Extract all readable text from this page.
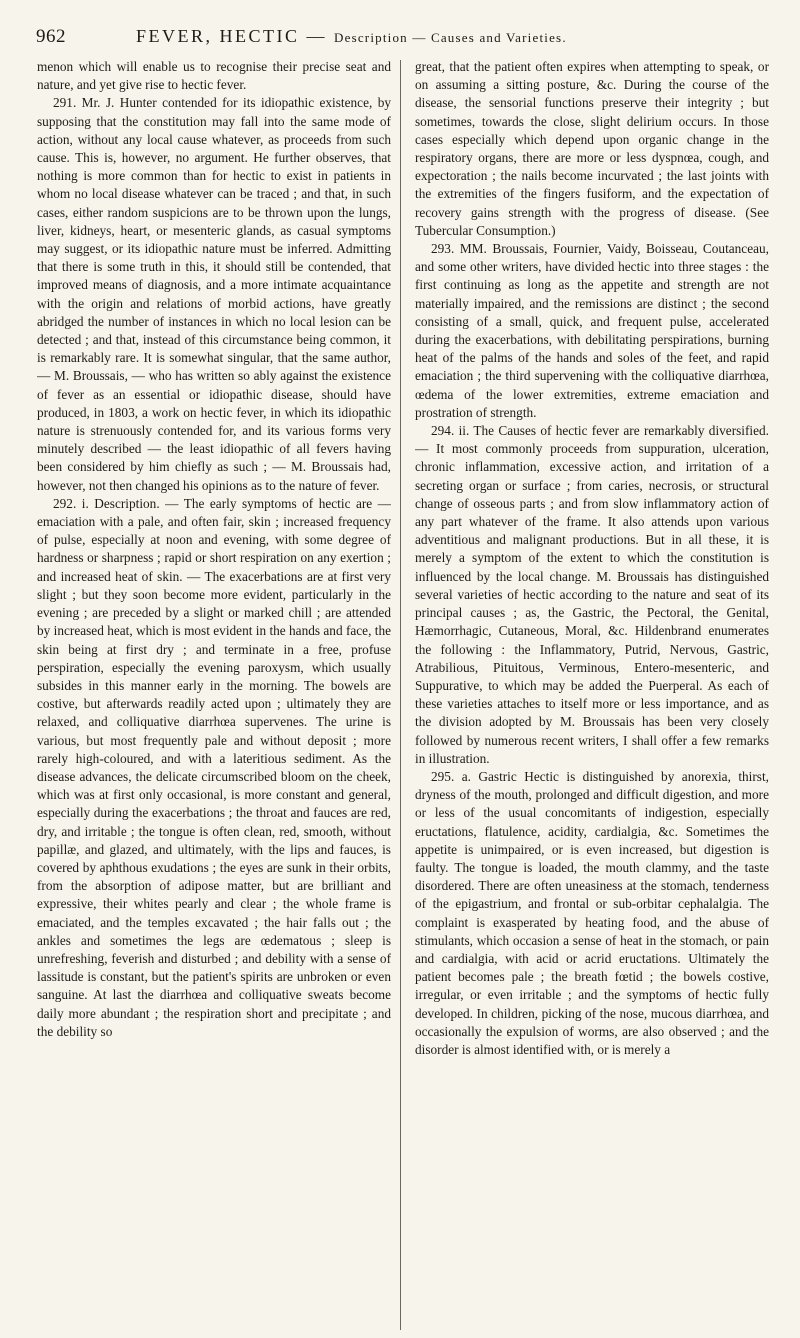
962	FEVER, HECTIC — Description — Causes and Varieties.

menon which will enable us to recognise their precise seat and nature, and yet give rise to hectic fever.

291. Mr. J. Hunter contended for its idiopathic existence, by supposing that the constitution may fall into the same mode of action, without any local cause whatever, as proceeds from such cause. This is, however, no argument. He further observes, that nothing is more common than for hectic to exist in patients in whom no local disease whatever can be traced ; and that, in such cases, either random suspicions are to be thrown upon the lungs, liver, kidneys, heart, or mesenteric glands, as casual symptoms may suggest, or its idiopathic nature must be inferred. Admitting that there is some truth in this, it should still be contended, that improved means of diagnosis, and a more intimate acquaintance with the origin and relations of morbid actions, have greatly abridged the number of instances in which no local lesion can be detected ; and that, instead of this circumstance being common, it is remarkably rare. It is somewhat singular, that the same author, — M. Broussais, — who has written so ably against the existence of fever as an essential or idiopathic disease, should have produced, in 1803, a work on hectic fever, in which its idiopathic nature is strenuously contended for, and its various forms very minutely described — the least idiopathic of all fevers having been considered by him chiefly as such ; — M. Broussais had, however, not then changed his opinions as to the nature of fever.

292. i. Description. — The early symptoms of hectic are — emaciation with a pale, and often fair, skin ; increased frequency of pulse, especially at noon and evening, with some degree of hardness or sharpness ; rapid or short respiration on any exertion ; and increased heat of skin. — The exacerbations are at first very slight ; but they soon become more evident, particularly in the evening ; are preceded by a slight or marked chill ; are attended by increased heat, which is most evident in the hands and face, the skin being at first dry ; and terminate in a free, profuse perspiration, especially the evening paroxysm, which usually subsides in this manner early in the morning. The bowels are costive, but afterwards readily acted upon ; ultimately they are relaxed, and colliquative diarrhœa supervenes. The urine is various, but most frequently pale and without deposit ; more rarely high-coloured, and with a lateritious sediment. As the disease advances, the delicate circumscribed bloom on the cheek, which was at first only occasional, is more constant and general, especially during the exacerbations ; the throat and fauces are red, dry, and irritable ; the tongue is often clean, red, smooth, without papillæ, and glazed, and ultimately, with the lips and fauces, is covered by aphthous exudations ; the eyes are sunk in their orbits, from the absorption of adipose matter, but are brilliant and expressive, their whites pearly and clear ; the whole frame is emaciated, and the temples excavated ; the hair falls out ; the ankles and sometimes the legs are œdematous ; sleep is unrefreshing, feverish and disturbed ; and debility with a sense of lassitude is constant, but the patient's spirits are unbroken or even sanguine. At last the diarrhœa and colliquative sweats become daily more abundant ; the respiration short and precipitate ; and the debility so

great, that the patient often expires when attempting to speak, or on assuming a sitting posture, &c. During the course of the disease, the sensorial functions preserve their integrity ; but sometimes, towards the close, slight delirium occurs. In those cases especially which depend upon organic change in the respiratory organs, there are more or less dyspnœa, cough, and expectoration ; the nails become incurvated ; the last joints with the extremities of the fingers fusiform, and the expectation of recovery gains strength with the progress of disease. (See Tubercular Consumption.)

293. MM. Broussais, Fournier, Vaidy, Boisseau, Coutanceau, and some other writers, have divided hectic into three stages : the first continuing as long as the appetite and strength are not materially impaired, and the remissions are distinct ; the second consisting of a small, quick, and frequent pulse, accelerated during the exacerbations, with debilitating perspirations, burning heat of the palms of the hands and soles of the feet, and rapid emaciation ; the third supervening with the colliquative diarrhœa, œdema of the lower extremities, extreme emaciation and prostration of strength.

294. ii. The Causes of hectic fever are remarkably diversified. — It most commonly proceeds from suppuration, ulceration, chronic inflammation, excessive action, and irritation of a secreting organ or surface ; from caries, necrosis, or structural change of osseous parts ; and from slow inflammatory action of any part whatever of the frame. It also attends upon various adventitious and malignant productions. But in all these, it is merely a symptom of the extent to which the constitution is influenced by the local change. M. Broussais has distinguished several varieties of hectic according to the nature and seat of its principal causes ; as, the Gastric, the Pectoral, the Genital, Hæmorrhagic, Cutaneous, Moral, &c. Hildenbrand enumerates the following : the Inflammatory, Putrid, Nervous, Gastric, Atrabilious, Pituitous, Verminous, Entero-mesenteric, and Suppurative, to which may be added the Puerperal. As each of these varieties attaches to itself more or less importance, and as the division adopted by M. Broussais has been very closely followed by numerous recent writers, I shall offer a few remarks in illustration.

295. a. Gastric Hectic is distinguished by anorexia, thirst, dryness of the mouth, prolonged and difficult digestion, and more or less of the usual concomitants of indigestion, especially eructations, flatulence, acidity, cardialgia, &c. Sometimes the appetite is unimpaired, or is even increased, but digestion is faulty. The tongue is loaded, the mouth clammy, and the taste disordered. There are often uneasiness at the stomach, tenderness of the epigastrium, and frontal or sub-orbitar cephalalgia. The complaint is exasperated by heating food, and the abuse of stimulants, which occasion a sense of heat in the stomach, or pain and cardialgia, with acid or acrid eructations. Ultimately the patient becomes pale ; the breath fœtid ; the bowels costive, irregular, or even irritable ; and the symptoms of hectic fully developed. In children, picking of the nose, mucous diarrhœa, and occasionally the expulsion of worms, are also observed ; and the disorder is almost identified with, or is merely a
